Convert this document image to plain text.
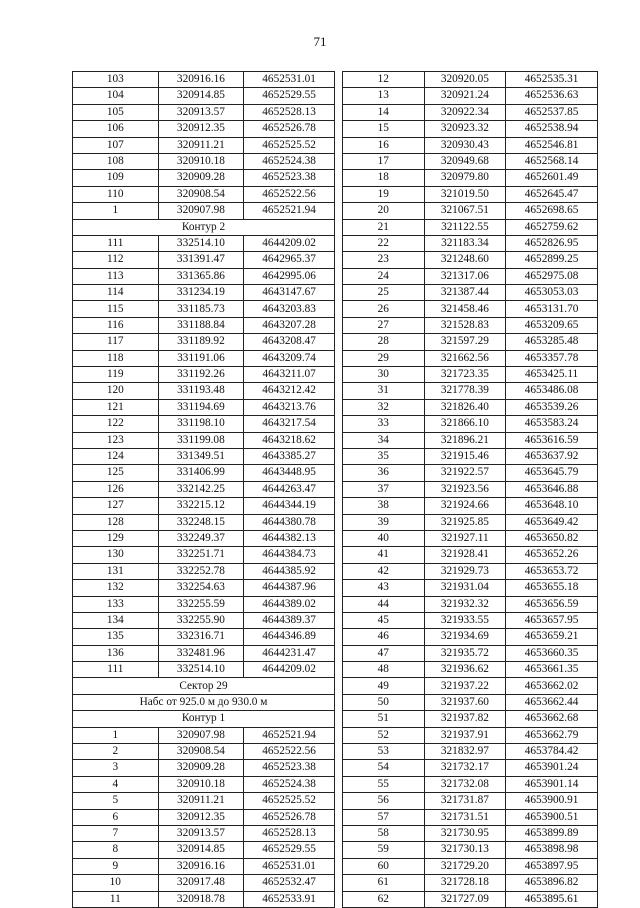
71
103	320916.16	4652531.01
104	320914.85	4652529.55
105	320913.57	4652528.13
106	320912.35	4652526.78
107	320911.21	4652525.52
108	320910.18	4652524.38
109	320909.28	4652523.38
110	320908.54	4652522.56
1	320907.98	4652521.94
Контур 2		
111	332514.10	4644209.02
112	331391.47	4642965.37
113	331365.86	4642995.06
114	331234.19	4643147.67
115	331185.73	4643203.83
116	331188.84	4643207.28
117	331189.92	4643208.47
118	331191.06	4643209.74
119	331192.26	4643211.07
120	331193.48	4643212.42
121	331194.69	4643213.76
122	331198.10	4643217.54
123	331199.08	4643218.62
124	331349.51	4643385.27
125	331406.99	4643448.95
126	332142.25	4644263.47
127	332215.12	4644344.19
128	332248.15	4644380.78
129	332249.37	4644382.13
130	332251.71	4644384.73
131	332252.78	4644385.92
132	332254.63	4644387.96
133	332255.59	4644389.02
134	332255.90	4644389.37
135	332316.71	4644346.89
136	332481.96	4644231.47
111	332514.10	4644209.02
Сектор 29		
Набс от 925.0 м до 930.0 м		
Контур 1		
1	320907.98	4652521.94
2	320908.54	4652522.56
3	320909.28	4652523.38
4	320910.18	4652524.38
5	320911.21	4652525.52
6	320912.35	4652526.78
7	320913.57	4652528.13
8	320914.85	4652529.55
9	320916.16	4652531.01
10	320917.48	4652532.47
11	320918.78	4652533.91
12	320920.05	4652535.31
13	320921.24	4652536.63
14	320922.34	4652537.85
15	320923.32	4652538.94
16	320930.43	4652546.81
17	320949.68	4652568.14
18	320979.80	4652601.49
19	321019.50	4652645.47
20	321067.51	4652698.65
21	321122.55	4652759.62
22	321183.34	4652826.95
23	321248.60	4652899.25
24	321317.06	4652975.08
25	321387.44	4653053.03
26	321458.46	4653131.70
27	321528.83	4653209.65
28	321597.29	4653285.48
29	321662.56	4653357.78
30	321723.35	4653425.11
31	321778.39	4653486.08
32	321826.40	4653539.26
33	321866.10	4653583.24
34	321896.21	4653616.59
35	321915.46	4653637.92
36	321922.57	4653645.79
37	321923.56	4653646.88
38	321924.66	4653648.10
39	321925.85	4653649.42
40	321927.11	4653650.82
41	321928.41	4653652.26
42	321929.73	4653653.72
43	321931.04	4653655.18
44	321932.32	4653656.59
45	321933.55	4653657.95
46	321934.69	4653659.21
47	321935.72	4653660.35
48	321936.62	4653661.35
49	321937.22	4653662.02
50	321937.60	4653662.44
51	321937.82	4653662.68
52	321937.91	4653662.79
53	321832.97	4653784.42
54	321732.17	4653901.24
55	321732.08	4653901.14
56	321731.87	4653900.91
57	321731.51	4653900.51
58	321730.95	4653899.89
59	321730.13	4653898.98
60	321729.20	4653897.95
61	321728.18	4653896.82
62	321727.09	4653895.61
